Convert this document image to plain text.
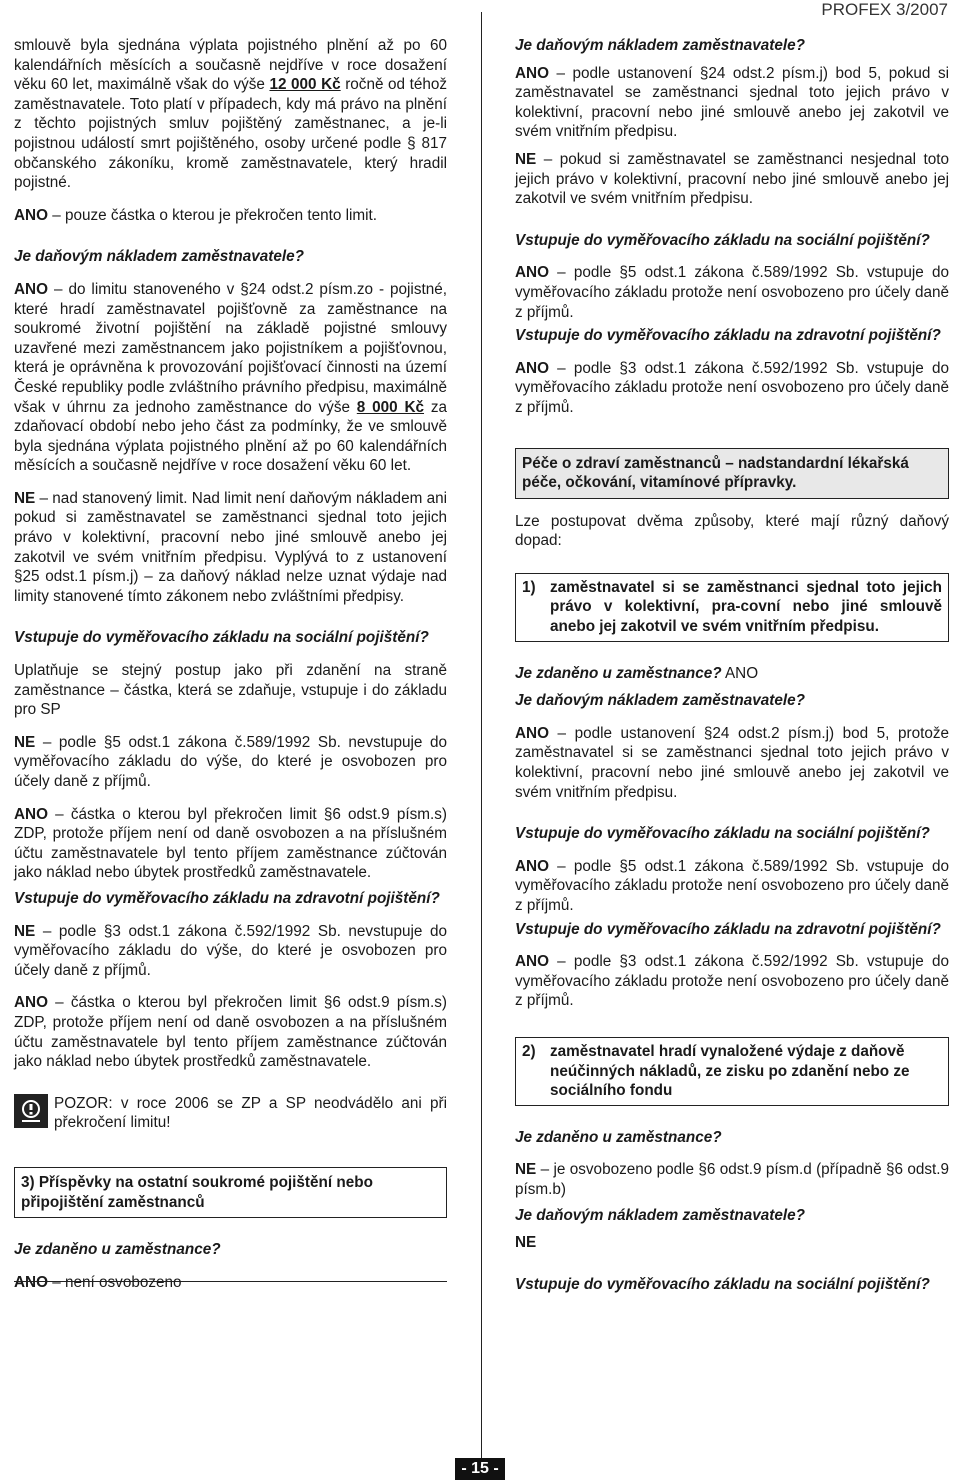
PROFEX 3/2007

smlouvě byla sjednána výplata pojistného plnění až po 60 kalendářních měsících a současně nejdříve v roce dosažení věku 60 let, maximálně však do výše 12 000 Kč ročně od téhož zaměstnavatele. Toto platí v případech, kdy má právo na plnění z těchto pojistných smluv pojištěný zaměstnanec, a je-li pojistnou událostí smrt pojištěného, osoby určené podle § 817 občanského zákoníku, kromě zaměstnavatele, který hradil pojistné.

ANO – pouze částka o kterou je překročen tento limit.

Je daňovým nákladem zaměstnavatele?

ANO – do limitu stanoveného v §24 odst.2 písm.zo - pojistné, které hradí zaměstnavatel pojišťovně za zaměstnance na soukromé životní pojištění na základě pojistné smlouvy uzavřené mezi zaměstnancem jako pojistníkem a pojišťovnou, která je oprávněna k provozování pojišťovací činnosti na území České republiky podle zvláštního právního předpisu, maximálně však v úhrnu za jednoho zaměstnance do výše 8 000 Kč za zdaňovací období nebo jeho část za podmínky, že ve smlouvě byla sjednána výplata pojistného plnění až po 60 kalendářních měsících a současně nejdříve v roce dosažení věku 60 let.

NE – nad stanovený limit. Nad limit není daňovým nákladem ani pokud si zaměstnavatel se zaměstnanci sjednal toto jejich právo v kolektivní, pracovní nebo jiné smlouvě anebo jej zakotvil ve svém vnitřním předpisu. Vyplývá to z ustanovení §25 odst.1 písm.j) – za daňový náklad nelze uznat výdaje nad limity stanovené tímto zákonem nebo zvláštními předpisy.

Vstupuje do vyměřovacího základu na sociální pojištění?

Uplatňuje se stejný postup jako při zdanění na straně zaměstnance – částka, která se zdaňuje, vstupuje i do základu pro SP

NE – podle §5 odst.1 zákona č.589/1992 Sb. nevstupuje do vyměřovacího základu do výše, do které je osvobozen pro účely daně z příjmů.

ANO – částka o kterou byl překročen limit §6 odst.9 písm.s) ZDP, protože příjem není od daně osvobozen a na příslušném účtu zaměstnavatele byl tento příjem zaměstnance zúčtován jako náklad nebo úbytek prostředků zaměstnavatele.

Vstupuje do vyměřovacího základu na zdravotní pojištění?

NE – podle §3 odst.1 zákona č.592/1992 Sb. nevstupuje do vyměřovacího základu do výše, do které je osvobozen pro účely daně z příjmů.

ANO – částka o kterou byl překročen limit §6 odst.9 písm.s) ZDP, protože příjem není od daně osvobozen a na příslušném účtu zaměstnavatele byl tento příjem zaměstnance zúčtován jako náklad nebo úbytek prostředků zaměstnavatele.

POZOR: v roce 2006 se ZP a SP neodvádělo ani při překročení limitu!

3) Příspěvky na ostatní soukromé pojištění nebo připojištění zaměstnanců

Je zdaněno u zaměstnance?

ANO – není osvobozeno

Je daňovým nákladem zaměstnavatele?

ANO – podle ustanovení §24 odst.2 písm.j) bod 5, pokud si zaměstnavatel se zaměstnanci sjednal toto jejich právo v kolektivní, pracovní nebo jiné smlouvě anebo jej zakotvil ve svém vnitřním předpisu.

NE – pokud si zaměstnavatel se zaměstnanci nesjednal toto jejich právo v kolektivní, pracovní nebo jiné smlouvě anebo jej zakotvil ve svém vnitřním předpisu.

Vstupuje do vyměřovacího základu na sociální pojištění?

ANO – podle §5 odst.1 zákona č.589/1992 Sb. vstupuje do vyměřovacího základu protože není osvobozeno pro účely daně z příjmů.

Vstupuje do vyměřovacího základu na zdravotní pojištění?

ANO – podle §3 odst.1 zákona č.592/1992 Sb. vstupuje do vyměřovacího základu protože není osvobozeno pro účely daně z příjmů.

Péče o zdraví zaměstnanců – nadstandardní lékařská péče, očkování, vitamínové přípravky.

Lze postupovat dvěma způsoby, které mají různý daňový dopad:

1) zaměstnavatel si se zaměstnanci sjednal toto jejich právo v kolektivní, pra-covní nebo jiné smlouvě anebo jej zakotvil ve svém vnitřním předpisu.

Je zdaněno u zaměstnance? ANO

Je daňovým nákladem zaměstnavatele?

ANO – podle ustanovení §24 odst.2 písm.j) bod 5, protože zaměstnavatel si se zaměstnanci sjednal toto jejich právo v kolektivní, pracovní nebo jiné smlouvě anebo jej zakotvil ve svém vnitřním předpisu.

Vstupuje do vyměřovacího základu na sociální pojištění?

ANO – podle §5 odst.1 zákona č.589/1992 Sb. vstupuje do vyměřovacího základu protože není osvobozeno pro účely daně z příjmů.

Vstupuje do vyměřovacího základu na zdravotní pojištění?

ANO – podle §3 odst.1 zákona č.592/1992 Sb. vstupuje do vyměřovacího základu protože není osvobozeno pro účely daně z příjmů.

2) zaměstnavatel hradí vynaložené výdaje z daňově neúčinných nákladů, ze zisku po zdanění nebo ze sociálního fondu

Je zdaněno u zaměstnance?

NE – je osvobozeno podle §6 odst.9 písm.d (případně §6 odst.9 písm.b)

Je daňovým nákladem zaměstnavatele?

NE

Vstupuje do vyměřovacího základu na sociální pojištění?

- 15 -
